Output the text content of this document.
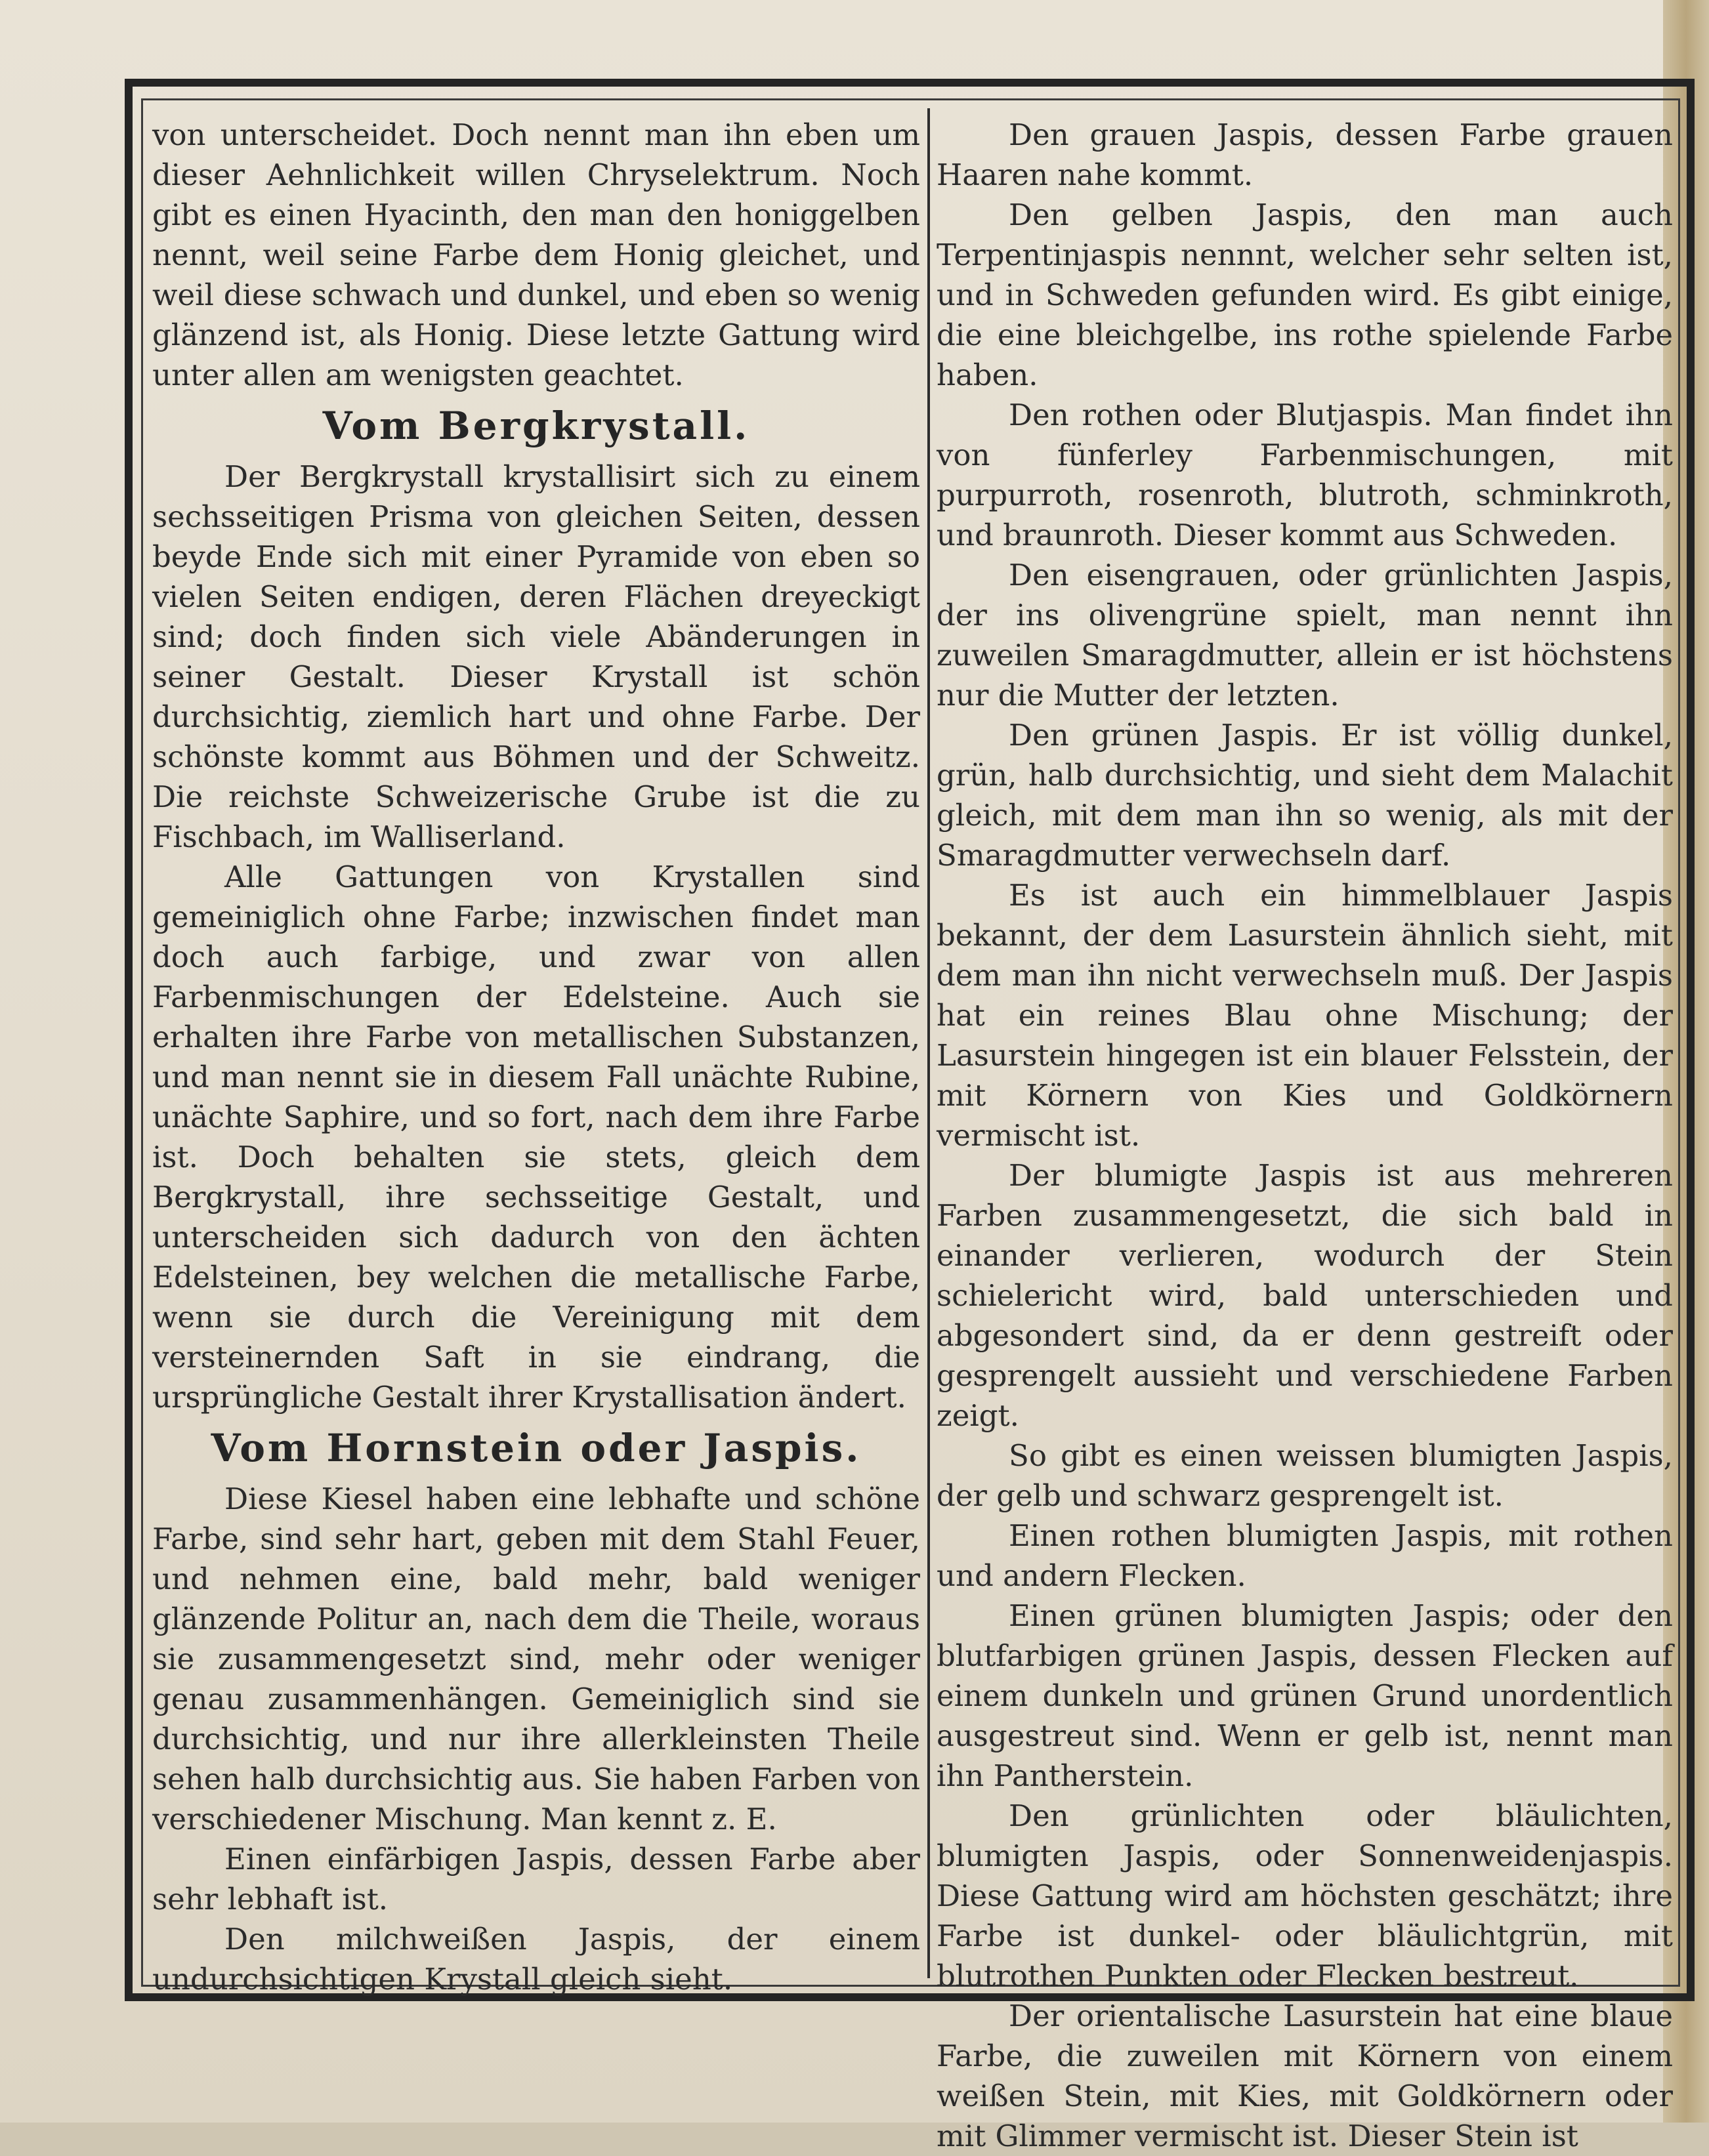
von unterscheidet. Doch nennt man ihn eben um dieser Aehnlichkeit willen Chryselektrum. Noch gibt es einen Hyacinth, den man den honiggelben nennt, weil seine Farbe dem Honig gleichet, und weil diese schwach und dunkel, und eben so wenig glänzend ist, als Honig. Diese letzte Gattung wird unter allen am wenigsten geachtet.

Vom Bergkrystall.

Der Bergkrystall krystallisirt sich zu einem sechsseitigen Prisma von gleichen Seiten, dessen beyde Ende sich mit einer Pyramide von eben so vielen Seiten endigen, deren Flächen dreyeckigt sind; doch finden sich viele Abänderungen in seiner Gestalt. Dieser Krystall ist schön durchsichtig, ziemlich hart und ohne Farbe. Der schönste kommt aus Böhmen und der Schweitz. Die reichste Schweizerische Grube ist die zu Fischbach, im Walliserland.

Alle Gattungen von Krystallen sind gemeiniglich ohne Farbe; inzwischen findet man doch auch farbige, und zwar von allen Farbenmischungen der Edelsteine. Auch sie erhalten ihre Farbe von metallischen Substanzen, und man nennt sie in diesem Fall unächte Rubine, unächte Saphire, und so fort, nach dem ihre Farbe ist. Doch behalten sie stets, gleich dem Bergkrystall, ihre sechsseitige Gestalt, und unterscheiden sich dadurch von den ächten Edelsteinen, bey welchen die metallische Farbe, wenn sie durch die Vereinigung mit dem versteinernden Saft in sie eindrang, die ursprüngliche Gestalt ihrer Krystallisation ändert.

Vom Hornstein oder Jaspis.

Diese Kiesel haben eine lebhafte und schöne Farbe, sind sehr hart, geben mit dem Stahl Feuer, und nehmen eine, bald mehr, bald weniger glänzende Politur an, nach dem die Theile, woraus sie zusammengesetzt sind, mehr oder weniger genau zusammenhängen. Gemeiniglich sind sie durchsichtig, und nur ihre allerkleinsten Theile sehen halb durchsichtig aus. Sie haben Farben von verschiedener Mischung. Man kennt z. E.

Einen einfärbigen Jaspis, dessen Farbe aber sehr lebhaft ist.

Den milchweißen Jaspis, der einem undurchsichtigen Krystall gleich sieht.

Den grauen Jaspis, dessen Farbe grauen Haaren nahe kommt.

Den gelben Jaspis, den man auch Terpentinjaspis nennnt, welcher sehr selten ist, und in Schweden gefunden wird. Es gibt einige, die eine bleichgelbe, ins rothe spielende Farbe haben.

Den rothen oder Blutjaspis. Man findet ihn von fünferley Farbenmischungen, mit purpurroth, rosenroth, blutroth, schminkroth, und braunroth. Dieser kommt aus Schweden.

Den eisengrauen, oder grünlichten Jaspis, der ins olivengrüne spielt, man nennt ihn zuweilen Smaragdmutter, allein er ist höchstens nur die Mutter der letzten.

Den grünen Jaspis. Er ist völlig dunkel, grün, halb durchsichtig, und sieht dem Malachit gleich, mit dem man ihn so wenig, als mit der Smaragdmutter verwechseln darf.

Es ist auch ein himmelblauer Jaspis bekannt, der dem Lasurstein ähnlich sieht, mit dem man ihn nicht verwechseln muß. Der Jaspis hat ein reines Blau ohne Mischung; der Lasurstein hingegen ist ein blauer Felsstein, der mit Körnern von Kies und Goldkörnern vermischt ist.

Der blumigte Jaspis ist aus mehreren Farben zusammengesetzt, die sich bald in einander verlieren, wodurch der Stein schielericht wird, bald unterschieden und abgesondert sind, da er denn gestreift oder gesprengelt aussieht und verschiedene Farben zeigt.

So gibt es einen weissen blumigten Jaspis, der gelb und schwarz gesprengelt ist.

Einen rothen blumigten Jaspis, mit rothen und andern Flecken.

Einen grünen blumigten Jaspis; oder den blutfarbigen grünen Jaspis, dessen Flecken auf einem dunkeln und grünen Grund unordentlich ausgestreut sind. Wenn er gelb ist, nennt man ihn Pantherstein.

Den grünlichten oder bläulichten, blumigten Jaspis, oder Sonnenweidenjaspis. Diese Gattung wird am höchsten geschätzt; ihre Farbe ist dunkel- oder bläulichtgrün, mit blutrothen Punkten oder Flecken bestreut.

Der orientalische Lasurstein hat eine blaue Farbe, die zuweilen mit Körnern von einem weißen Stein, mit Kies, mit Goldkörnern oder mit Glimmer vermischt ist. Dieser Stein ist
